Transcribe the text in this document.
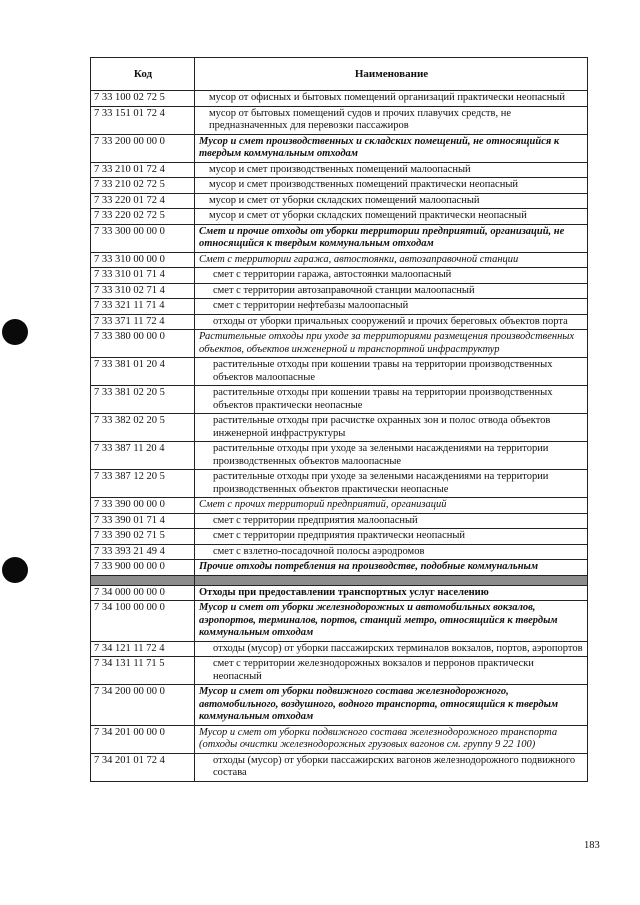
Код	Наименование
7 33 100 02 72 5	мусор от офисных и бытовых помещений организаций практически неопасный
7 33 151 01 72 4	мусор от бытовых помещений судов и прочих плавучих средств, не предназначенных для перевозки пассажиров
7 33 200 00 00 0	Мусор и смет производственных и складских помещений, не относящийся к твердым коммунальным отходам
7 33 210 01 72 4	мусор и смет производственных помещений малоопасный
7 33 210 02 72 5	мусор и смет производственных помещений практически неопасный
7 33 220 01 72 4	мусор и смет от уборки складских помещений малоопасный
7 33 220 02 72 5	мусор и смет от уборки складских помещений практически неопасный
7 33 300 00 00 0	Смет и прочие отходы от уборки территории предприятий, организаций, не относящийся к твердым коммунальным отходам
7 33 310 00 00 0	Смет с территории гаража, автостоянки, автозаправочной станции
7 33 310 01 71 4	смет с территории гаража, автостоянки малоопасный
7 33 310 02 71 4	смет с территории автозаправочной станции малоопасный
7 33 321 11 71 4	смет с территории нефтебазы малоопасный
7 33 371 11 72 4	отходы от уборки причальных сооружений и прочих береговых объектов порта
7 33 380 00 00 0	Растительные отходы при уходе за территориями размещения производственных объектов, объектов инженерной и транспортной инфраструктур
7 33 381 01 20 4	растительные отходы при кошении травы на территории производственных объектов малоопасные
7 33 381 02 20 5	растительные отходы при кошении травы на территории производственных объектов практически неопасные
7 33 382 02 20 5	растительные отходы при расчистке охранных зон и полос отвода объектов инженерной инфраструктуры
7 33 387 11 20 4	растительные отходы при уходе за зелеными насаждениями на территории производственных объектов малоопасные
7 33 387 12 20 5	растительные отходы при уходе за зелеными насаждениями на территории производственных объектов практически неопасные
7 33 390 00 00 0	Смет с прочих территорий предприятий, организаций
7 33 390 01 71 4	смет с территории предприятия малоопасный
7 33 390 02 71 5	смет с территории предприятия практически неопасный
7 33 393 21 49 4	смет с взлетно-посадочной полосы аэродромов
7 33 900 00 00 0	Прочие отходы потребления на производстве, подобные коммунальным

7 34 000 00 00 0	Отходы при предоставлении транспортных услуг населению
7 34 100 00 00 0	Мусор и смет от уборки железнодорожных и автомобильных вокзалов, аэропортов, терминалов, портов, станций метро, относящийся к твердым коммунальным отходам
7 34 121 11 72 4	отходы (мусор) от уборки пассажирских терминалов вокзалов, портов, аэропортов
7 34 131 11 71 5	смет с территории железнодорожных вокзалов и перронов практически неопасный
7 34 200 00 00 0	Мусор и смет от уборки подвижного состава железнодорожного, автомобильного, воздушного, водного транспорта, относящийся к твердым коммунальным отходам
7 34 201 00 00 0	Мусор и смет от уборки подвижного состава железнодорожного транспорта (отходы очистки железнодорожных грузовых вагонов см. группу 9 22 100)
7 34 201 01 72 4	отходы (мусор) от уборки пассажирских вагонов железнодорожного подвижного состава
183
